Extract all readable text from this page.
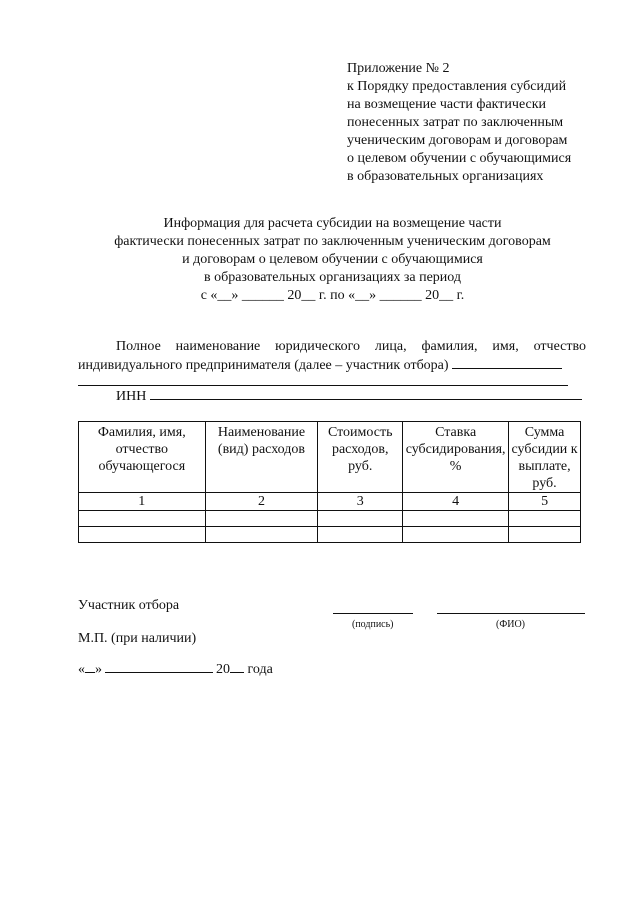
Приложение № 2
к Порядку предоставления субсидий
на возмещение части фактически
понесенных затрат по заключенным
ученическим договорам и договорам
о целевом обучении с обучающимися
в образовательных организациях
Информация для расчета субсидии на возмещение части
фактически понесенных затрат по заключенным ученическим договорам
и договорам о целевом обучении с обучающимися
в образовательных организациях за период
с «__» ______ 20__ г. по «__» ______ 20__ г.
Полное наименование юридического лица, фамилия, имя, отчество
индивидуального предпринимателя (далее – участник отбора)
ИНН
Фамилия, имя, отчество обучающегося	Наименование (вид) расходов	Стоимость расходов, руб.	Ставка субсидирования, %	Сумма субсидии к выплате, руб.
1	2	3	4	5

Участник отбора
(подпись)	(ФИО)
М.П. (при наличии)
« »	20 года
